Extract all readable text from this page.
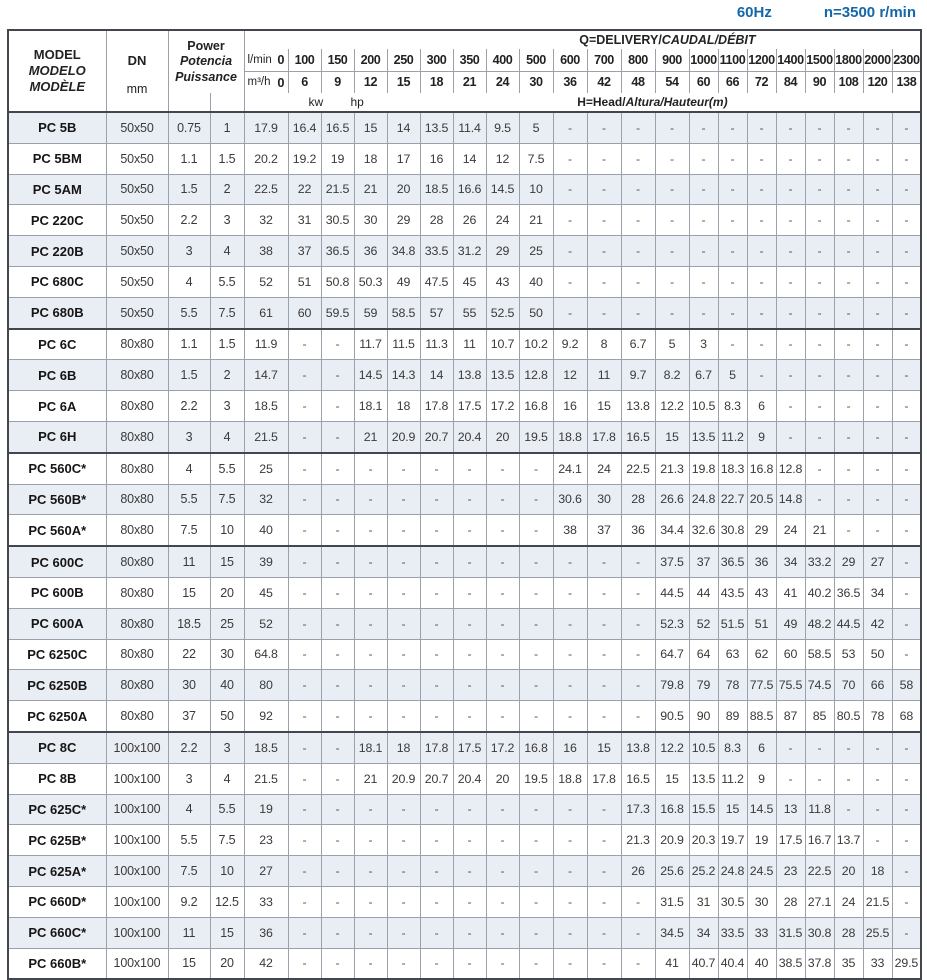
60Hz	n=3500 r/min
MODEL
MODELO
MODÈLE	DN
mm	Power
Potencia
Puissance		Q=DELIVERY/CAUDAL/DÉBIT																				

				l/min 0	100	150	200	250	300	350	400	500	600	700	800	900	1000	1100	1200	1400	1500	1800	2000	2300

				m³/h 0	6	9	12	15	18	21	24	30	36	42	48	54	60	66	72	84	90	108	120	138
		kw	hp	H=Head/Altura/Hauteur(m)																				
PC 5B	50x50	0.75	1	17.9	16.4	16.5	15	14	13.5	11.4	9.5	5	-	-	-	-	-	-	-	-	-	-	-	-
PC 5BM	50x50	1.1	1.5	20.2	19.2	19	18	17	16	14	12	7.5	-	-	-	-	-	-	-	-	-	-	-	-
PC 5AM	50x50	1.5	2	22.5	22	21.5	21	20	18.5	16.6	14.5	10	-	-	-	-	-	-	-	-	-	-	-	-
PC 220C	50x50	2.2	3	32	31	30.5	30	29	28	26	24	21	-	-	-	-	-	-	-	-	-	-	-	-
PC 220B	50x50	3	4	38	37	36.5	36	34.8	33.5	31.2	29	25	-	-	-	-	-	-	-	-	-	-	-	-
PC 680C	50x50	4	5.5	52	51	50.8	50.3	49	47.5	45	43	40	-	-	-	-	-	-	-	-	-	-	-	-
PC 680B	50x50	5.5	7.5	61	60	59.5	59	58.5	57	55	52.5	50	-	-	-	-	-	-	-	-	-	-	-	-
PC 6C	80x80	1.1	1.5	11.9	-	-	11.7	11.5	11.3	11	10.7	10.2	9.2	8	6.7	5	3	-	-	-	-	-	-	-
PC 6B	80x80	1.5	2	14.7	-	-	14.5	14.3	14	13.8	13.5	12.8	12	11	9.7	8.2	6.7	5	-	-	-	-	-	-
PC 6A	80x80	2.2	3	18.5	-	-	18.1	18	17.8	17.5	17.2	16.8	16	15	13.8	12.2	10.5	8.3	6	-	-	-	-	-
PC 6H	80x80	3	4	21.5	-	-	21	20.9	20.7	20.4	20	19.5	18.8	17.8	16.5	15	13.5	11.2	9	-	-	-	-	-
PC 560C*	80x80	4	5.5	25	-	-	-	-	-	-	-	-	24.1	24	22.5	21.3	19.8	18.3	16.8	12.8	-	-	-	-
PC 560B*	80x80	5.5	7.5	32	-	-	-	-	-	-	-	-	30.6	30	28	26.6	24.8	22.7	20.5	14.8	-	-	-	-
PC 560A*	80x80	7.5	10	40	-	-	-	-	-	-	-	-	38	37	36	34.4	32.6	30.8	29	24	21	-	-	-
PC 600C	80x80	11	15	39	-	-	-	-	-	-	-	-	-	-	-	37.5	37	36.5	36	34	33.2	29	27	-
PC 600B	80x80	15	20	45	-	-	-	-	-	-	-	-	-	-	-	44.5	44	43.5	43	41	40.2	36.5	34	-
PC 600A	80x80	18.5	25	52	-	-	-	-	-	-	-	-	-	-	-	52.3	52	51.5	51	49	48.2	44.5	42	-
PC 6250C	80x80	22	30	64.8	-	-	-	-	-	-	-	-	-	-	-	64.7	64	63	62	60	58.5	53	50	-
PC 6250B	80x80	30	40	80	-	-	-	-	-	-	-	-	-	-	-	79.8	79	78	77.5	75.5	74.5	70	66	58
PC 6250A	80x80	37	50	92	-	-	-	-	-	-	-	-	-	-	-	90.5	90	89	88.5	87	85	80.5	78	68
PC 8C	100x100	2.2	3	18.5	-	-	18.1	18	17.8	17.5	17.2	16.8	16	15	13.8	12.2	10.5	8.3	6	-	-	-	-	-
PC 8B	100x100	3	4	21.5	-	-	21	20.9	20.7	20.4	20	19.5	18.8	17.8	16.5	15	13.5	11.2	9	-	-	-	-	-
PC 625C*	100x100	4	5.5	19	-	-	-	-	-	-	-	-	-	-	17.3	16.8	15.5	15	14.5	13	11.8	-	-	-
PC 625B*	100x100	5.5	7.5	23	-	-	-	-	-	-	-	-	-	-	21.3	20.9	20.3	19.7	19	17.5	16.7	13.7	-	-
PC 625A*	100x100	7.5	10	27	-	-	-	-	-	-	-	-	-	-	26	25.6	25.2	24.8	24.5	23	22.5	20	18	-
PC 660D*	100x100	9.2	12.5	33	-	-	-	-	-	-	-	-	-	-	-	31.5	31	30.5	30	28	27.1	24	21.5	-
PC 660C*	100x100	11	15	36	-	-	-	-	-	-	-	-	-	-	-	34.5	34	33.5	33	31.5	30.8	28	25.5	-
PC 660B*	100x100	15	20	42	-	-	-	-	-	-	-	-	-	-	-	41	40.7	40.4	40	38.5	37.8	35	33	29.5
